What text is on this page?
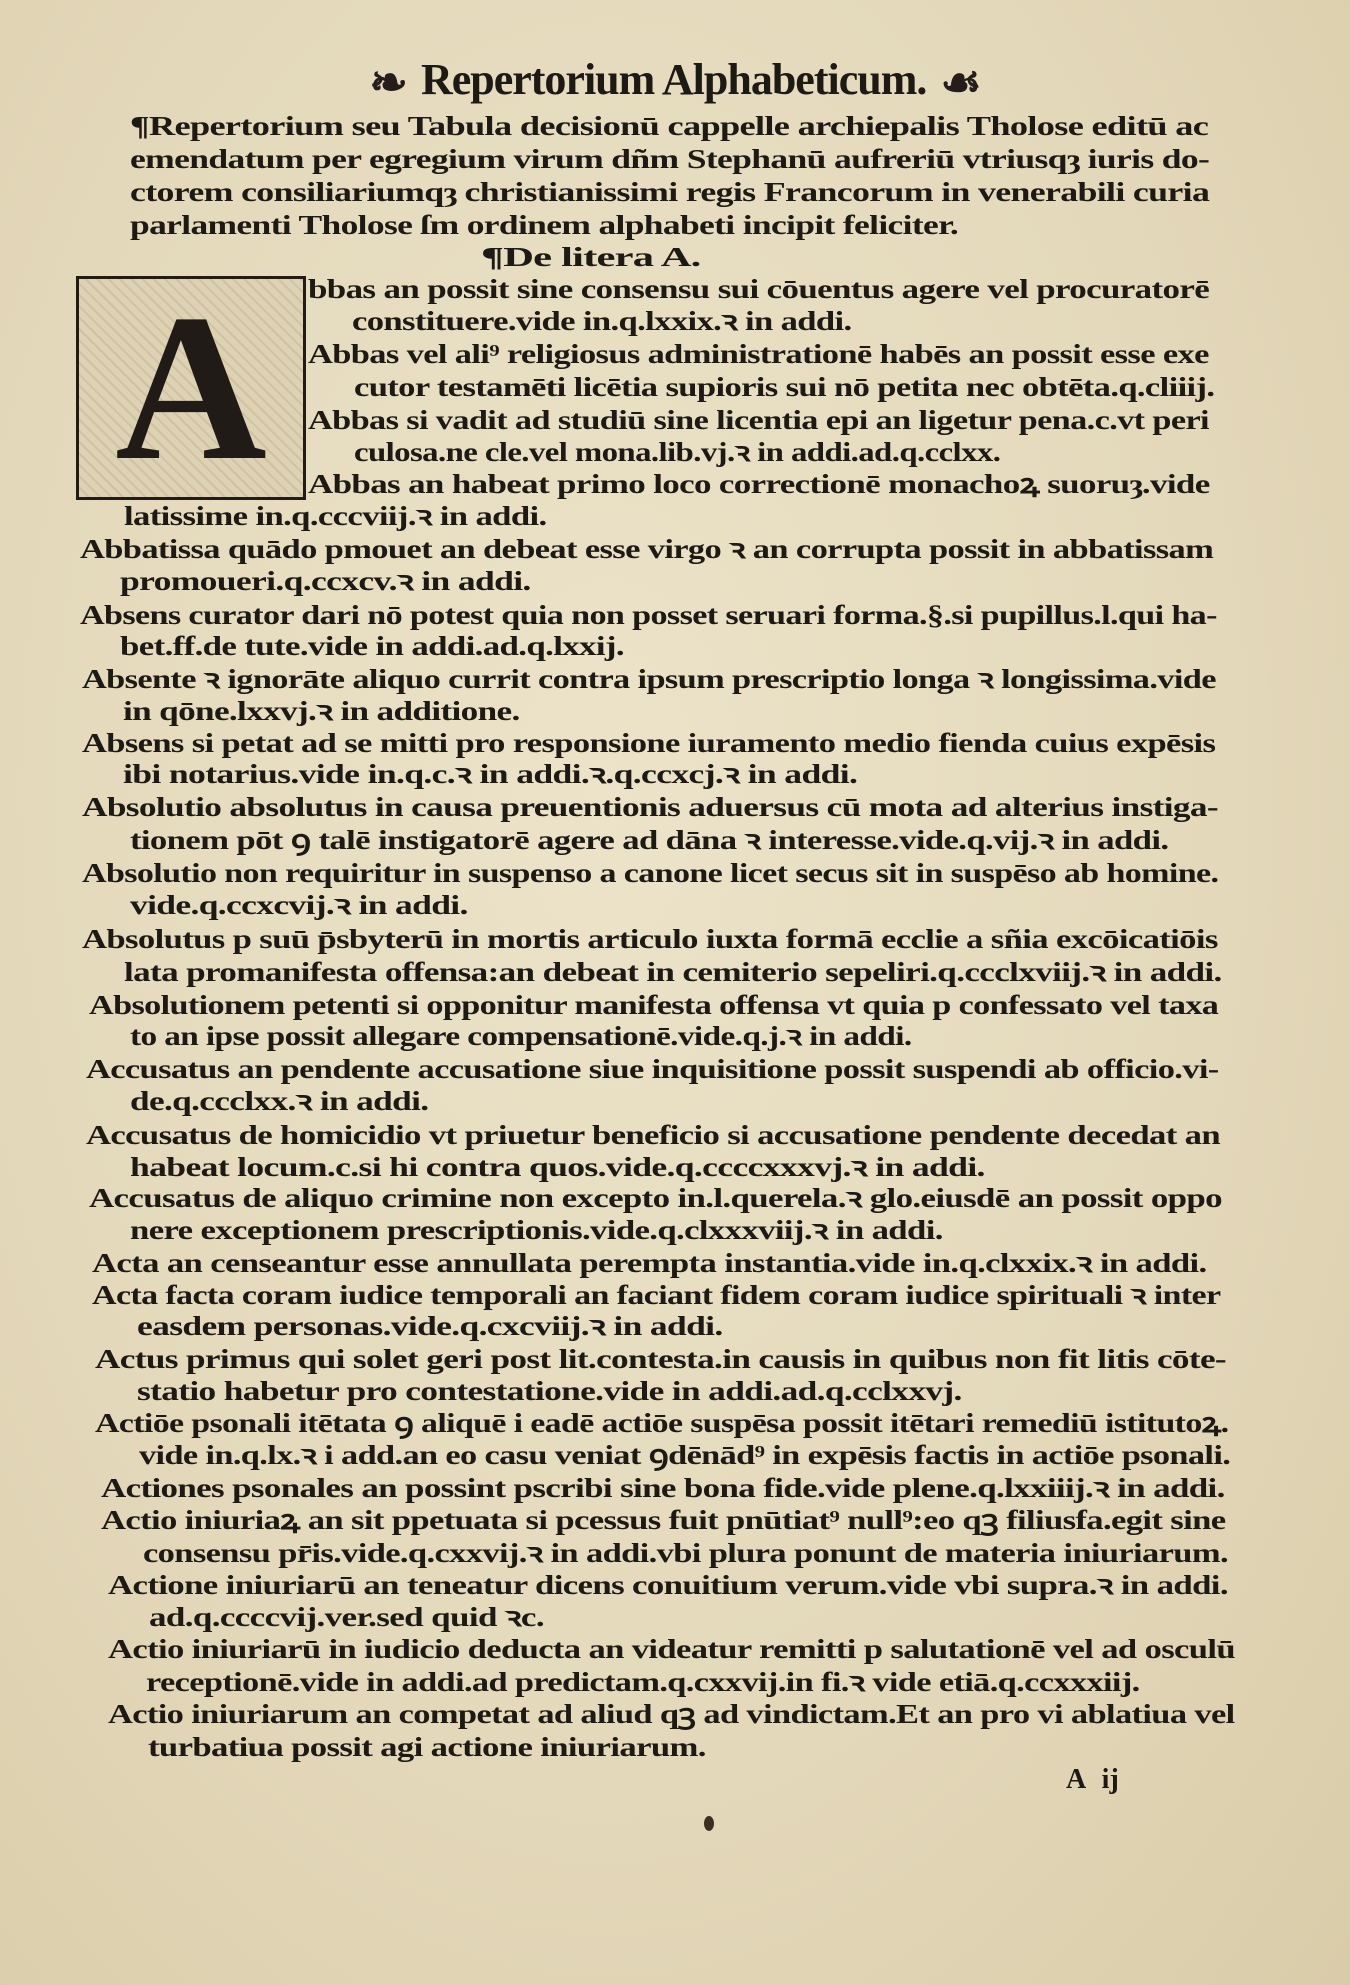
❧ Repertorium Alphabeticum. ☙
A
¶Repertorium seu Tabula decisionū cappelle archiepalis Tholose editū ac
emendatum per egregium virum dñm Stephanū aufreriū vtriusqȝ iuris do-
ctorem consiliariumqȝ christianissimi regis Francorum in venerabili curia
parlamenti Tholose ſm ordinem alphabeti incipit feliciter.
¶De litera A.
bbas an possit sine consensu sui cōuentus agere vel procuratorē
constituere.vide in.q.lxxix.ꝛ in addi.
Abbas vel ali⁹ religiosus administrationē habēs an possit esse exe
cutor testamēti licētia supioris sui nō petita nec obtēta.q.cliiij.
Abbas si vadit ad studiū sine licentia epi an ligetur pena.c.vt peri
culosa.ne cle.vel mona.lib.vj.ꝛ in addi.ad.q.cclxx.
Abbas an habeat primo loco correctionē monachoꝝ suoruȝ.vide
latissime in.q.cccviij.ꝛ in addi.
Abbatissa quādo pmouet an debeat esse virgo ꝛ an corrupta possit in abbatissam
promoueri.q.ccxcv.ꝛ in addi.
Absens curator dari nō potest quia non posset seruari forma.§.si pupillus.l.qui ha-
bet.ff.de tute.vide in addi.ad.q.lxxij.
Absente ꝛ ignorāte aliquo currit contra ipsum prescriptio longa ꝛ longissima.vide
in qōne.lxxvj.ꝛ in additione.
Absens si petat ad se mitti pro responsione iuramento medio fienda cuius expēsis
ibi notarius.vide in.q.c.ꝛ in addi.ꝛ.q.ccxcj.ꝛ in addi.
Absolutio absolutus in causa preuentionis aduersus cū mota ad alterius instiga-
tionem pōt ꝯ talē instigatorē agere ad dāna ꝛ interesse.vide.q.vij.ꝛ in addi.
Absolutio non requiritur in suspenso a canone licet secus sit in suspēso ab homine.
vide.q.ccxcvij.ꝛ in addi.
Absolutus p suū p̄sbyterū in mortis articulo iuxta formā ecclie a sñia excōicatiōis
lata promanifesta offensa:an debeat in cemiterio sepeliri.q.ccclxviij.ꝛ in addi.
Absolutionem petenti si opponitur manifesta offensa vt quia p confessato vel taxa
to an ipse possit allegare compensationē.vide.q.j.ꝛ in addi.
Accusatus an pendente accusatione siue inquisitione possit suspendi ab officio.vi-
de.q.ccclxx.ꝛ in addi.
Accusatus de homicidio vt priuetur beneficio si accusatione pendente decedat an
habeat locum.c.si hi contra quos.vide.q.ccccxxxvj.ꝛ in addi.
Accusatus de aliquo crimine non excepto in.l.querela.ꝛ glo.eiusdē an possit oppo
nere exceptionem prescriptionis.vide.q.clxxxviij.ꝛ in addi.
Acta an censeantur esse annullata perempta instantia.vide in.q.clxxix.ꝛ in addi.
Acta facta coram iudice temporali an faciant fidem coram iudice spirituali ꝛ inter
easdem personas.vide.q.cxcviij.ꝛ in addi.
Actus primus qui solet geri post lit.contesta.in causis in quibus non fit litis cōte-
statio habetur pro contestatione.vide in addi.ad.q.cclxxvj.
Actiōe psonali itētata ꝯ aliquē i eadē actiōe suspēsa possit itētari remediū istitutoꝝ.
vide in.q.lx.ꝛ i add.an eo casu veniat ꝯdēnād⁹ in expēsis factis in actiōe psonali.
Actiones psonales an possint pscribi sine bona fide.vide plene.q.lxxiiij.ꝛ in addi.
Actio iniuriaꝝ an sit ppetuata si pcessus fuit pnūtiat⁹ null⁹:eo qꝫ filiusfa.egit sine
consensu pr̄is.vide.q.cxxvij.ꝛ in addi.vbi plura ponunt de materia iniuriarum.
Actione iniuriarū an teneatur dicens conuitium verum.vide vbi supra.ꝛ in addi.
ad.q.ccccvij.ver.sed quid ꝛc.
Actio iniuriarū in iudicio deducta an videatur remitti p salutationē vel ad osculū
receptionē.vide in addi.ad predictam.q.cxxvij.in fi.ꝛ vide etiā.q.ccxxxiij.
Actio iniuriarum an competat ad aliud qꝫ ad vindictam.Et an pro vi ablatiua vel
turbatiua possit agi actione iniuriarum.
A ij
